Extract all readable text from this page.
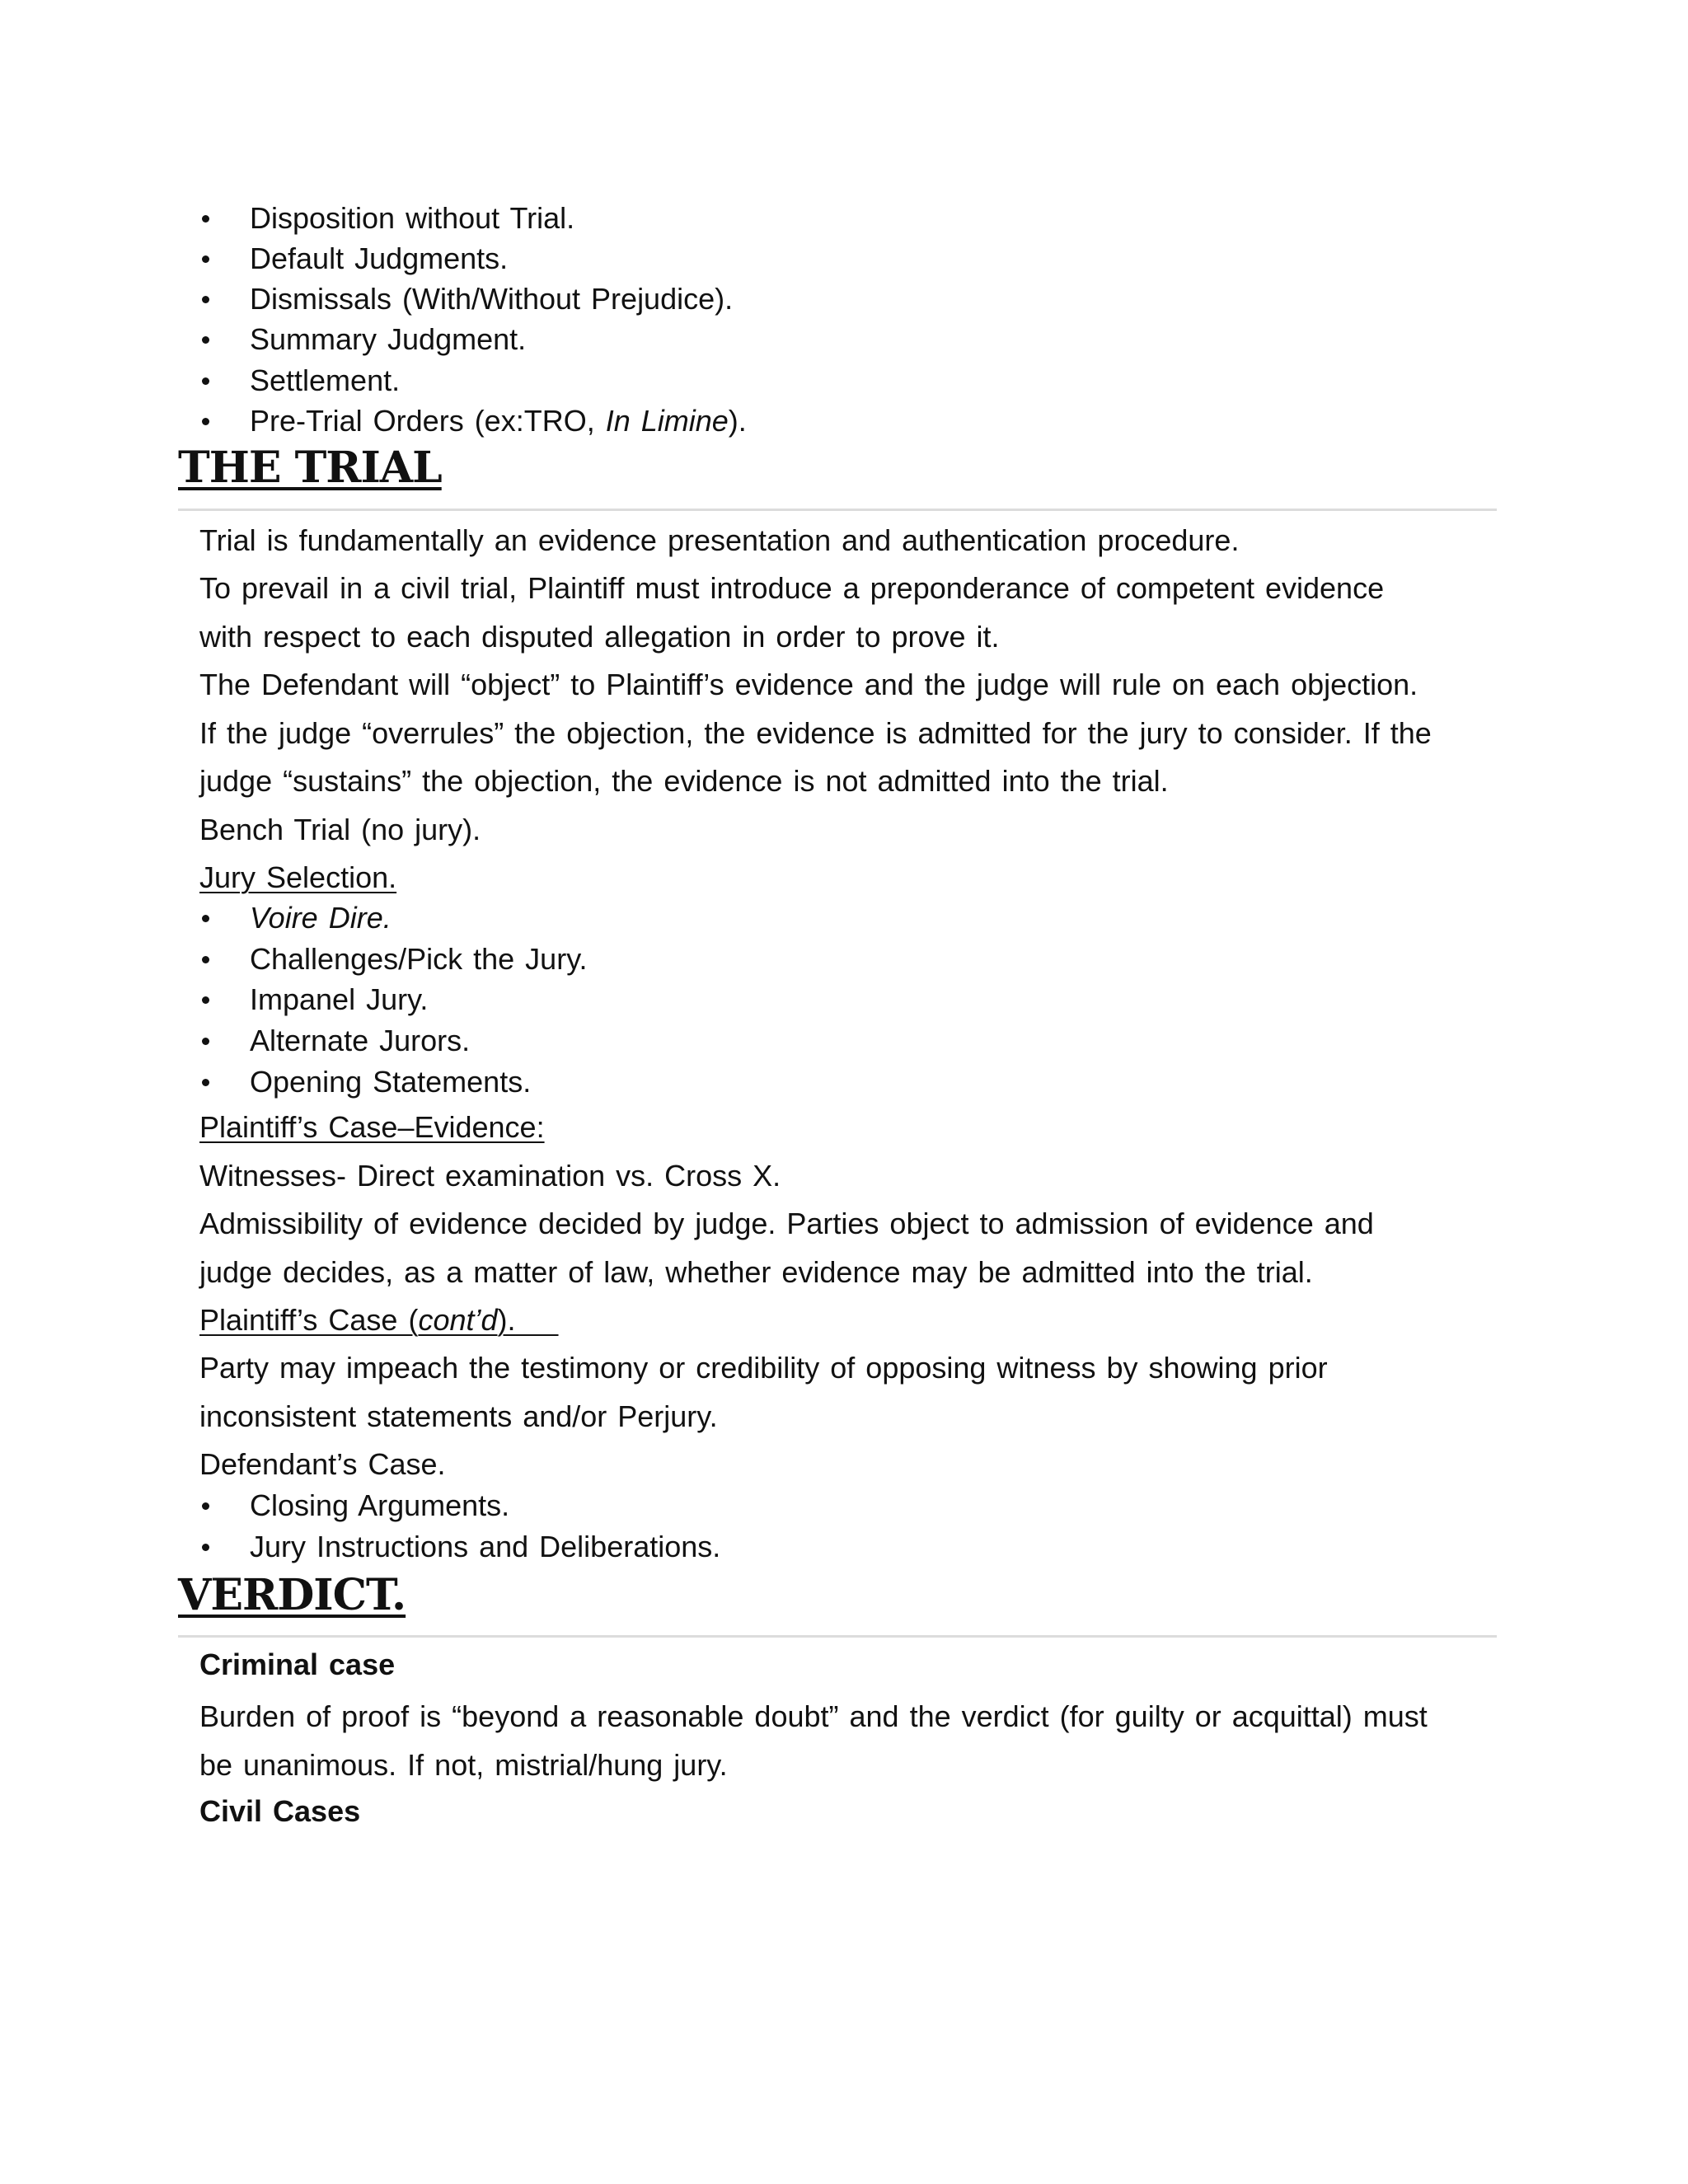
Disposition without Trial.
Default Judgments.
Dismissals (With/Without Prejudice).
Summary Judgment.
Settlement.
Pre-Trial Orders (ex:TRO, In Limine).
THE TRIAL

Trial is fundamentally an evidence presentation and authentication procedure.

To prevail in a civil trial, Plaintiff must introduce a preponderance of competent evidence

with respect to each disputed allegation in order to prove it.

The Defendant will “object” to Plaintiff’s evidence and the judge will rule on each objection.

If the judge “overrules” the objection, the evidence is admitted for the jury to consider. If the

judge “sustains” the objection, the evidence is not admitted into the trial.

Bench Trial (no jury).

Jury Selection.

Voire Dire.
Challenges/Pick the Jury.
Impanel Jury.
Alternate Jurors.
Opening Statements.

Plaintiff’s Case–Evidence:

Witnesses- Direct examination vs. Cross X.

Admissibility of evidence decided by judge. Parties object to admission of evidence and

judge decides, as a matter of law, whether evidence may be admitted into the trial.

Plaintiff’s Case (cont’d).

Party may impeach the testimony or credibility of opposing witness by showing prior

inconsistent statements and/or Perjury.

Defendant’s Case.

Closing Arguments.
Jury Instructions and Deliberations.
VERDICT.

Criminal case

Burden of proof is “beyond a reasonable doubt” and the verdict (for guilty or acquittal) must

be unanimous. If not, mistrial/hung jury.

Civil Cases
